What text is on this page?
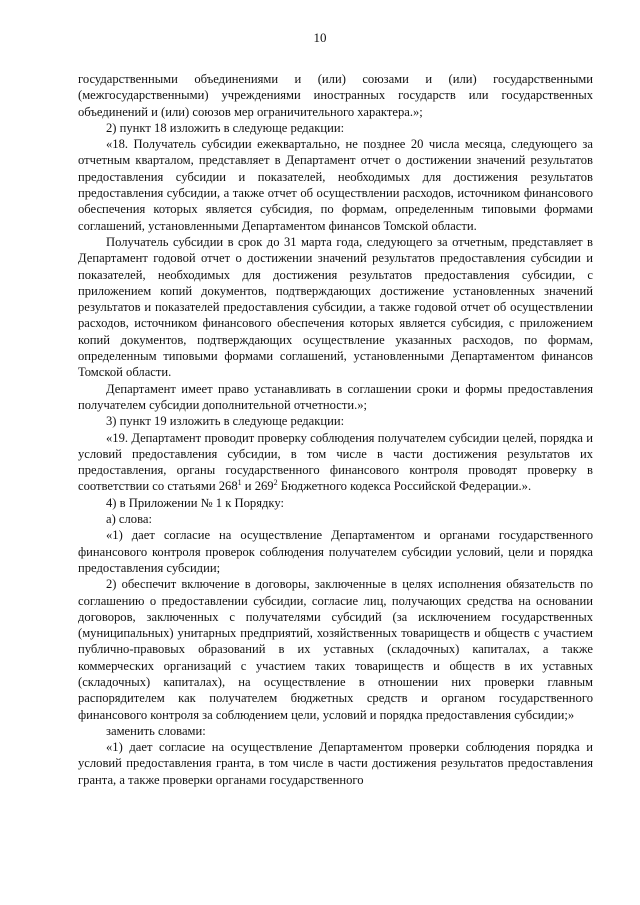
10

государственными объединениями и (или) союзами и (или) государственными (межгосударственными) учреждениями иностранных государств или государственных объединений и (или) союзов мер ограничительного характера.»;

2) пункт 18 изложить в следующе редакции:

«18. Получатель субсидии ежеквартально, не позднее 20 числа месяца, следующего за отчетным кварталом, представляет в Департамент отчет о достижении значений результатов предоставления субсидии и показателей, необходимых для достижения результатов предоставления субсидии, а также отчет об осуществлении расходов, источником финансового обеспечения которых является субсидия, по формам, определенным типовыми формами соглашений, установленными Департаментом финансов Томской области.

Получатель субсидии в срок до 31 марта года, следующего за отчетным, представляет в Департамент годовой отчет о достижении значений результатов предоставления субсидии и показателей, необходимых для достижения результатов предоставления субсидии, с приложением копий документов, подтверждающих достижение установленных значений результатов и показателей предоставления субсидии, а также годовой отчет об осуществлении расходов, источником финансового обеспечения которых является субсидия, с приложением копий документов, подтверждающих осуществление указанных расходов, по формам, определенным типовыми формами соглашений, установленными Департаментом финансов Томской области.

Департамент имеет право устанавливать в соглашении сроки и формы предоставления получателем субсидии дополнительной отчетности.»;

3) пункт 19 изложить в следующе редакции:

«19. Департамент проводит проверку соблюдения получателем субсидии целей, порядка и условий предоставления субсидии, в том числе в части достижения результатов их предоставления, органы государственного финансового контроля проводят проверку в соответствии со статьями $268^1$ и $269^2$ Бюджетного кодекса Российской Федерации.».

4) в Приложении № 1 к Порядку:

а) слова:

«1) дает согласие на осуществление Департаментом и органами государственного финансового контроля проверок соблюдения получателем субсидии условий, цели и порядка предоставления субсидии;

2) обеспечит включение в договоры, заключенные в целях исполнения обязательств по соглашению о предоставлении субсидии, согласие лиц, получающих средства на основании договоров, заключенных с получателями субсидий (за исключением государственных (муниципальных) унитарных предприятий, хозяйственных товариществ и обществ с участием публично-правовых образований в их уставных (складочных) капиталах, а также коммерческих организаций с участием таких товариществ и обществ в их уставных (складочных) капиталах), на осуществление в отношении них проверки главным распорядителем как получателем бюджетных средств и органом государственного финансового контроля за соблюдением цели, условий и порядка предоставления субсидии;»

заменить словами:

«1) дает согласие на осуществление Департаментом проверки соблюдения порядка и условий предоставления гранта, в том числе в части достижения результатов предоставления гранта, а также проверки органами государственного
